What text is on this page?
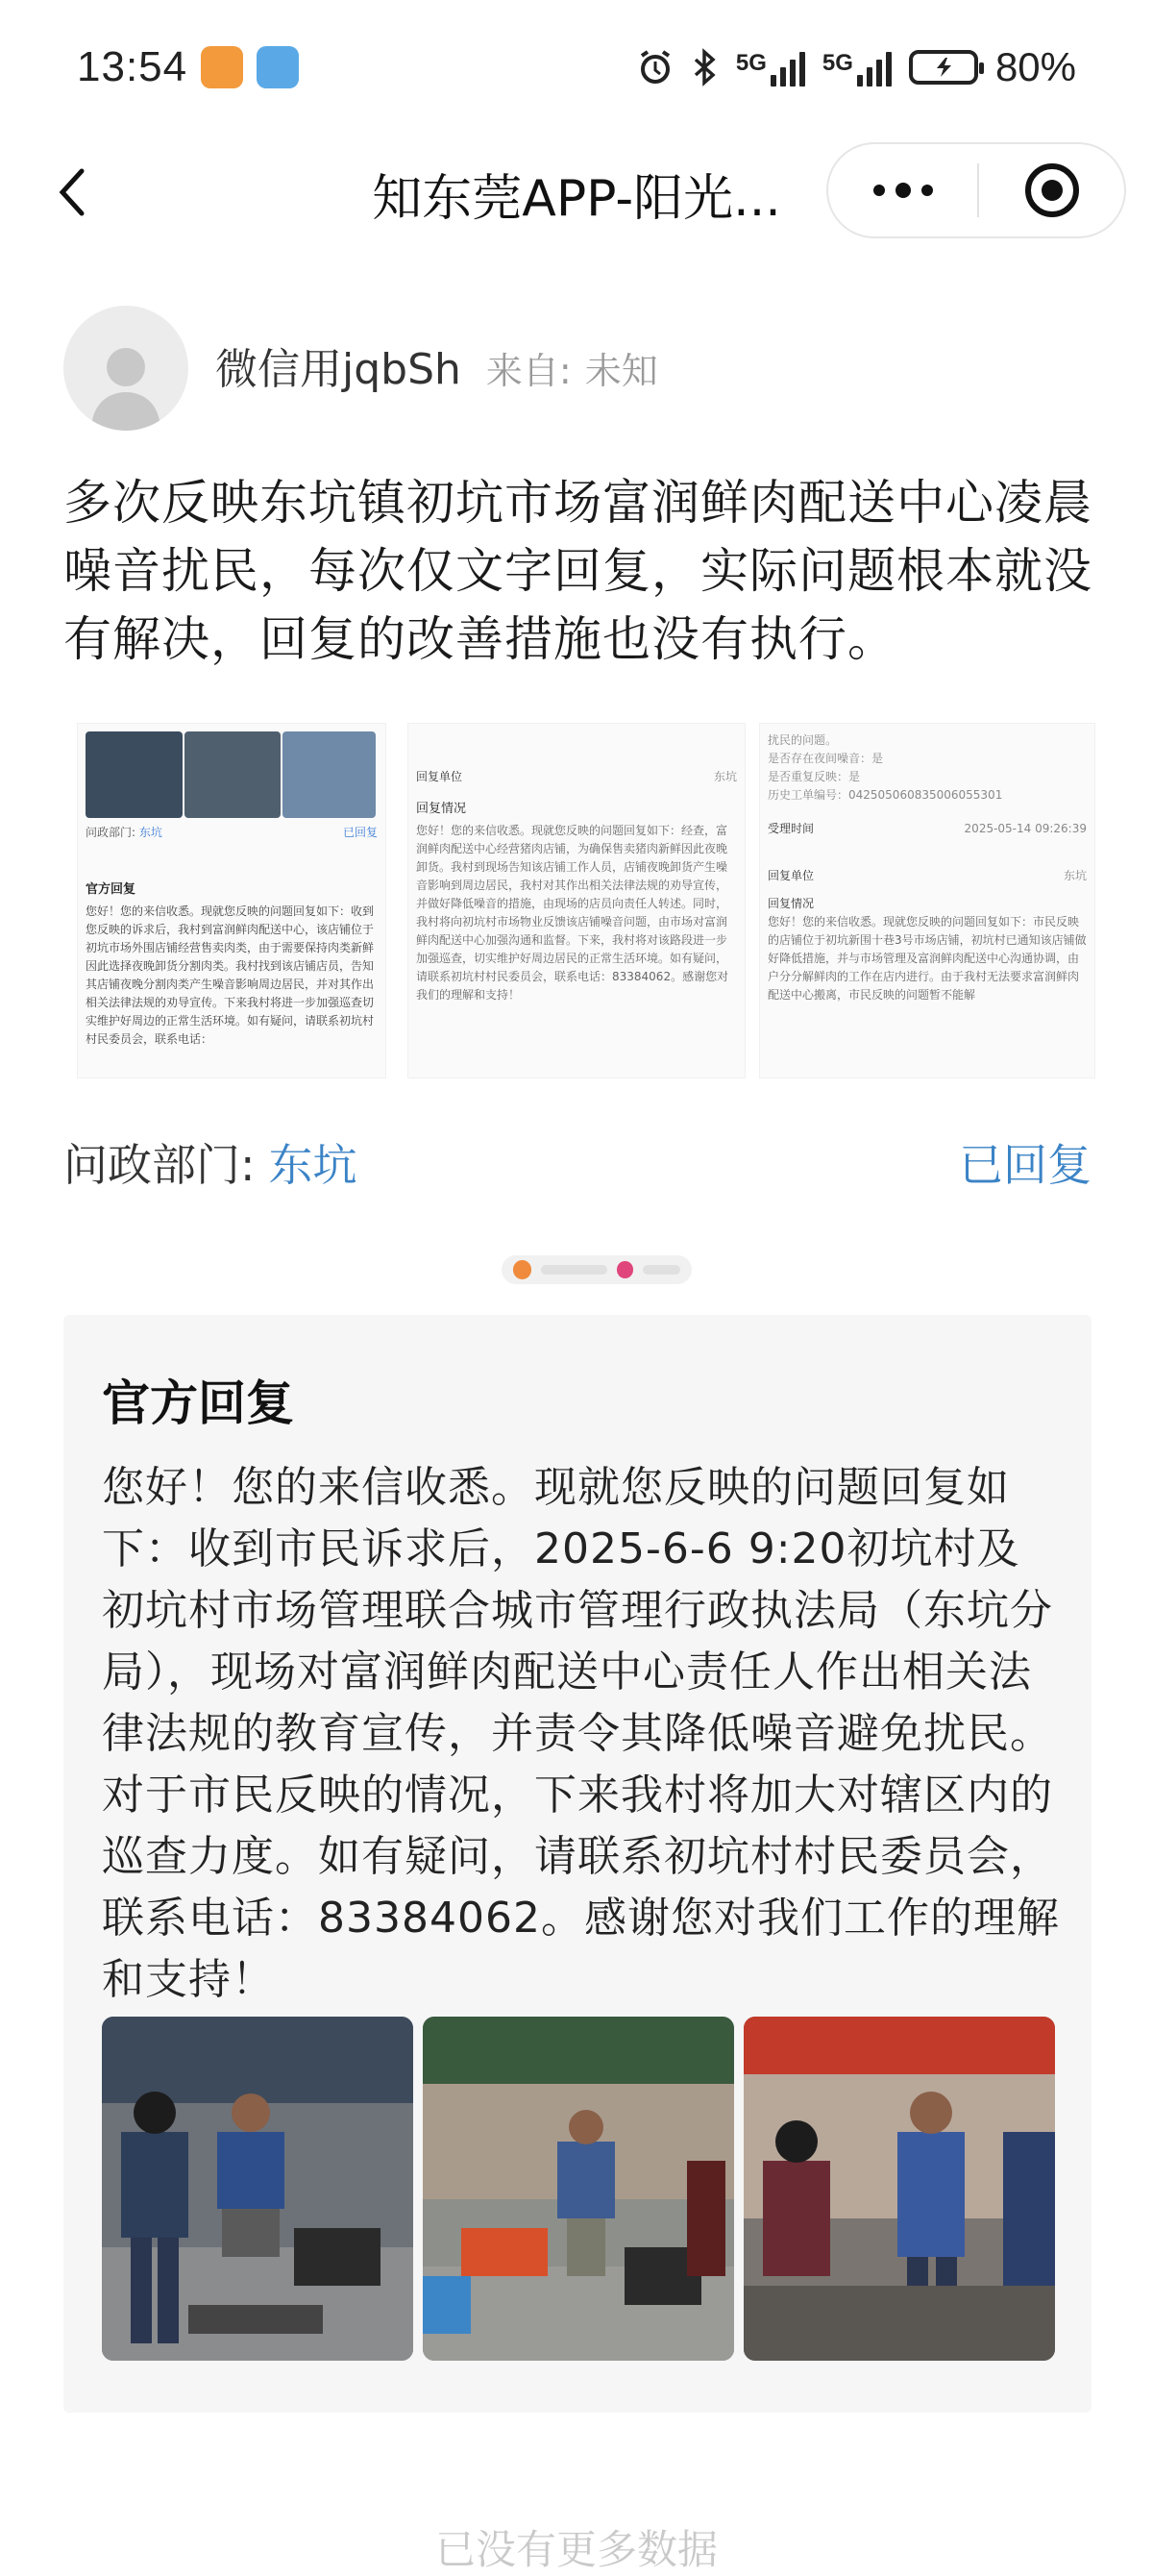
13:54	5G 5G	80%
知东莞APP-阳光...
微信用jqbSh 来自: 未知
多次反映东坑镇初坑市场富润鲜肉配送中心凌晨噪音扰民，每次仅文字回复，实际问题根本就没有解决，回复的改善措施也没有执行。
问政部门: 东坑	已回复
官方回复
您好！您的来信收悉。现就您反映的问题回复如下：收到您反映的诉求后，我村到富润鲜肉配送中心，该店铺位于初坑市场外围店铺经营售卖肉类，由于需要保持肉类新鲜因此选择夜晚卸货分割肉类。我村找到该店铺店员，告知其店铺夜晚分割肉类产生噪音影响周边居民，并对其作出相关法律法规的劝导宣传。下来我村将进一步加强巡查切实维护好周边的正常生活环境。如有疑问，请联系初坑村村民委员会，联系电话：
回复单位	东坑
回复情况
您好！您的来信收悉。现就您反映的问题回复如下：经查，富润鲜肉配送中心经营猪肉店铺，为确保售卖猪肉新鲜因此夜晚卸货。我村到现场告知该店铺工作人员，店铺夜晚卸货产生噪音影响到周边居民，我村对其作出相关法律法规的劝导宣传，并做好降低噪音的措施，由现场的店员向责任人转述。同时，我村将向初坑村市场物业反馈该店铺噪音问题，由市场对富润鲜肉配送中心加强沟通和监督。下来，我村将对该路段进一步加强巡查，切实维护好周边居民的正常生活环境。如有疑问，请联系初坑村村民委员会，联系电话：83384062。感谢您对我们的理解和支持！
扰民的问题。
是否存在夜间噪音：是
是否重复反映：是
历史工单编号：042505060835006055301
受理时间	2025-05-14 09:26:39
回复单位	东坑
回复情况
您好！您的来信收悉。现就您反映的问题回复如下：市民反映的店铺位于初坑新围十巷3号市场店铺，初坑村已通知该店铺做好降低措施，并与市场管理及富润鲜肉配送中心沟通协调，由户分分解鲜肉的工作在店内进行。由于我村无法要求富润鲜肉配送中心搬离，市民反映的问题暂不能解
问政部门: 东坑	已回复
官方回复
您好！您的来信收悉。现就您反映的问题回复如下：收到市民诉求后，2025-6-6 9:20初坑村及初坑村市场管理联合城市管理行政执法局（东坑分局），现场对富润鲜肉配送中心责任人作出相关法律法规的教育宣传，并责令其降低噪音避免扰民。对于市民反映的情况，下来我村将加大对辖区内的巡查力度。如有疑问，请联系初坑村村民委员会，联系电话：83384062。感谢您对我们工作的理解和支持！
已没有更多数据
